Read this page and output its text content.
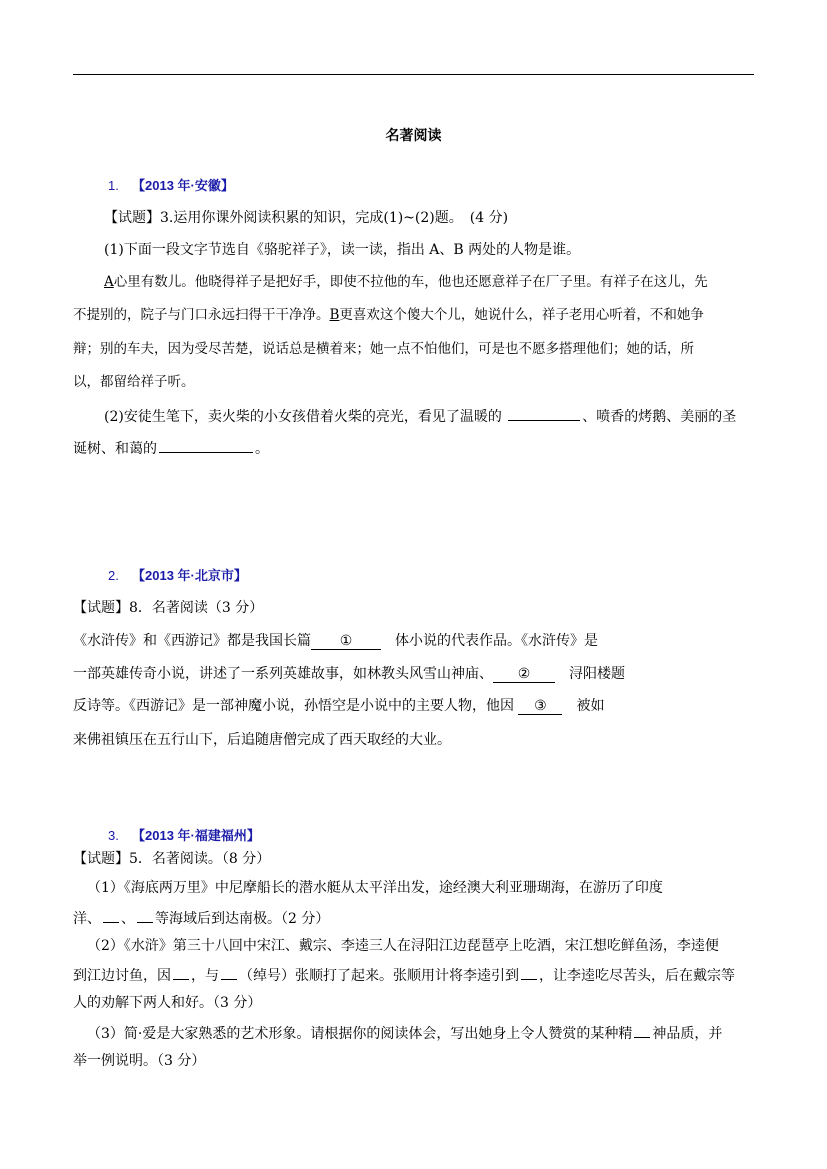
名著阅读
1. 【2013 年·安徽】
【试题】3.运用你课外阅读积累的知识，完成(1)~(2)题。　(4 分)
(1)下面一段文字节选自《骆驼祥子》，读一读，指出 A、B 两处的人物是谁。
A心里有数儿。他晓得祥子是把好手，即使不拉他的车，他也还愿意祥子在厂子里。有祥子在这儿，先
不提别的，院子与门口永远扫得干干净净。B更喜欢这个傻大个儿，她说什么，祥子老用心听着，不和她争
辩；别的车夫，因为受尽苦楚，说话总是横着来；她一点不怕他们，可是也不愿多搭理他们；她的话，所
以，都留给祥子听。
(2)安徒生笔下，卖火柴的小女孩借着火柴的亮光，看见了温暖的	、喷香的烤鹅、美丽的圣
诞树、和蔼的	。
2. 【2013 年·北京市】
【试题】8．名著阅读（3 分）
《水浒传》和《西游记》都是我国长篇 ①　	体小说的代表作品。《水浒传》是
一部英雄传奇小说，讲述了一系列英雄故事，如林教头风雪山神庙、 ②　	浔阳楼题
反诗等。《西游记》是一部神魔小说，孙悟空是小说中的主要人物，他因 ③　 被如
来佛祖镇压在五行山下，后追随唐僧完成了西天取经的大业。
3. 【2013 年·福建福州】
【试题】5．名著阅读。（8 分）
（1）《海底两万里》中尼摩船长的潜水艇从太平洋出发，途经澳大利亚珊瑚海，在游历了印度
洋、 、 等海域后到达南极。（2 分）
（2）《水浒》第三十八回中宋江、戴宗、李逵三人在浔阳江边琵琶亭上吃酒，宋江想吃鲜鱼汤，李逵便
到江边讨鱼，因 ，与 （绰号）张顺打了起来。张顺用计将李逵引到 ，让李逵吃尽苦头，后在戴宗等
人的劝解下两人和好。（3 分）
（3）简·爱是大家熟悉的艺术形象。请根据你的阅读体会，写出她身上令人赞赏的某种精 神品质，并
举一例说明。（3 分）
